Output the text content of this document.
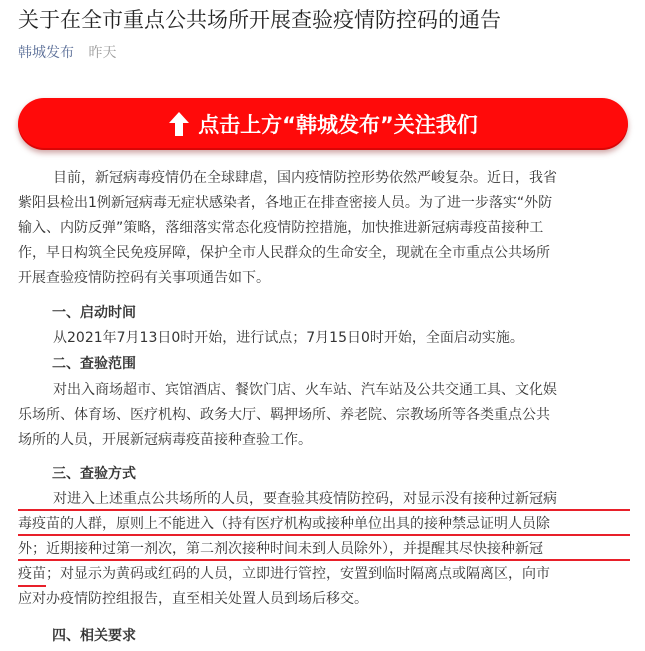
关于在全市重点公共场所开展查验疫情防控码的通告
韩城发布 昨天
点击上方“韩城发布”关注我们
目前，新冠病毒疫情仍在全球肆虐，国内疫情防控形势依然严峻复杂。近日，我省
紫阳县检出1例新冠病毒无症状感染者，各地正在排查密接人员。为了进一步落实“外防
输入、内防反弹”策略，落细落实常态化疫情防控措施，加快推进新冠病毒疫苗接种工
作，早日构筑全民免疫屏障，保护全市人民群众的生命安全，现就在全市重点公共场所
开展查验疫情防控码有关事项通告如下。
一、启动时间
从2021年7月13日0时开始，进行试点；7月15日0时开始，全面启动实施。
二、查验范围
对出入商场超市、宾馆酒店、餐饮门店、火车站、汽车站及公共交通工具、文化娱
乐场所、体育场、医疗机构、政务大厅、羁押场所、养老院、宗教场所等各类重点公共
场所的人员，开展新冠病毒疫苗接种查验工作。
三、查验方式
对进入上述重点公共场所的人员，要查验其疫情防控码，对显示没有接种过新冠病
毒疫苗的人群，原则上不能进入（持有医疗机构或接种单位出具的接种禁忌证明人员除
外；近期接种过第一剂次，第二剂次接种时间未到人员除外），并提醒其尽快接种新冠
疫苗；对显示为黄码或红码的人员，立即进行管控，安置到临时隔离点或隔离区，向市
应对办疫情防控组报告，直至相关处置人员到场后移交。
四、相关要求
